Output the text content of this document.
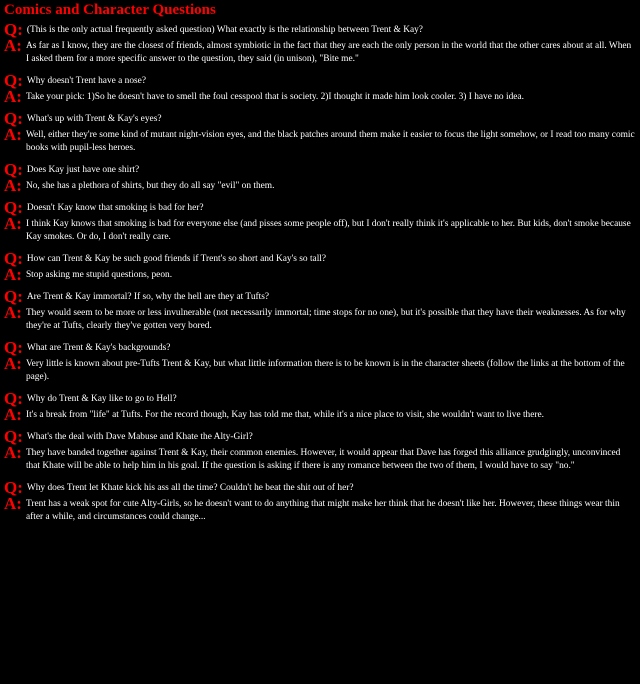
Comics and Character Questions
Q: (This is the only actual frequently asked question) What exactly is the relationship between Trent & Kay?
A: As far as I know, they are the closest of friends, almost symbiotic in the fact that they are each the only person in the world that the other cares about at all. When I asked them for a more specific answer to the question, they said (in unison), "Bite me."
Q: Why doesn't Trent have a nose?
A: Take your pick: 1)So he doesn't have to smell the foul cesspool that is society. 2)I thought it made him look cooler. 3) I have no idea.
Q: What's up with Trent & Kay's eyes?
A: Well, either they're some kind of mutant night-vision eyes, and the black patches around them make it easier to focus the light somehow, or I read too many comic books with pupil-less heroes.
Q: Does Kay just have one shirt?
A: No, she has a plethora of shirts, but they do all say "evil" on them.
Q: Doesn't Kay know that smoking is bad for her?
A: I think Kay knows that smoking is bad for everyone else (and pisses some people off), but I don't really think it's applicable to her. But kids, don't smoke because Kay smokes. Or do, I don't really care.
Q: How can Trent & Kay be such good friends if Trent's so short and Kay's so tall?
A: Stop asking me stupid questions, peon.
Q: Are Trent & Kay immortal? If so, why the hell are they at Tufts?
A: They would seem to be more or less invulnerable (not necessarily immortal; time stops for no one), but it's possible that they have their weaknesses. As for why they're at Tufts, clearly they've gotten very bored.
Q: What are Trent & Kay's backgrounds?
A: Very little is known about pre-Tufts Trent & Kay, but what little information there is to be known is in the character sheets (follow the links at the bottom of the page).
Q: Why do Trent & Kay like to go to Hell?
A: It's a break from "life" at Tufts. For the record though, Kay has told me that, while it's a nice place to visit, she wouldn't want to live there.
Q: What's the deal with Dave Mabuse and Khate the Alty-Girl?
A: They have banded together against Trent & Kay, their common enemies. However, it would appear that Dave has forged this alliance grudgingly, unconvinced that Khate will be able to help him in his goal. If the question is asking if there is any romance between the two of them, I would have to say "no."
Q: Why does Trent let Khate kick his ass all the time? Couldn't he beat the shit out of her?
A: Trent has a weak spot for cute Alty-Girls, so he doesn't want to do anything that might make her think that he doesn't like her. However, these things wear thin after a while, and circumstances could change...
